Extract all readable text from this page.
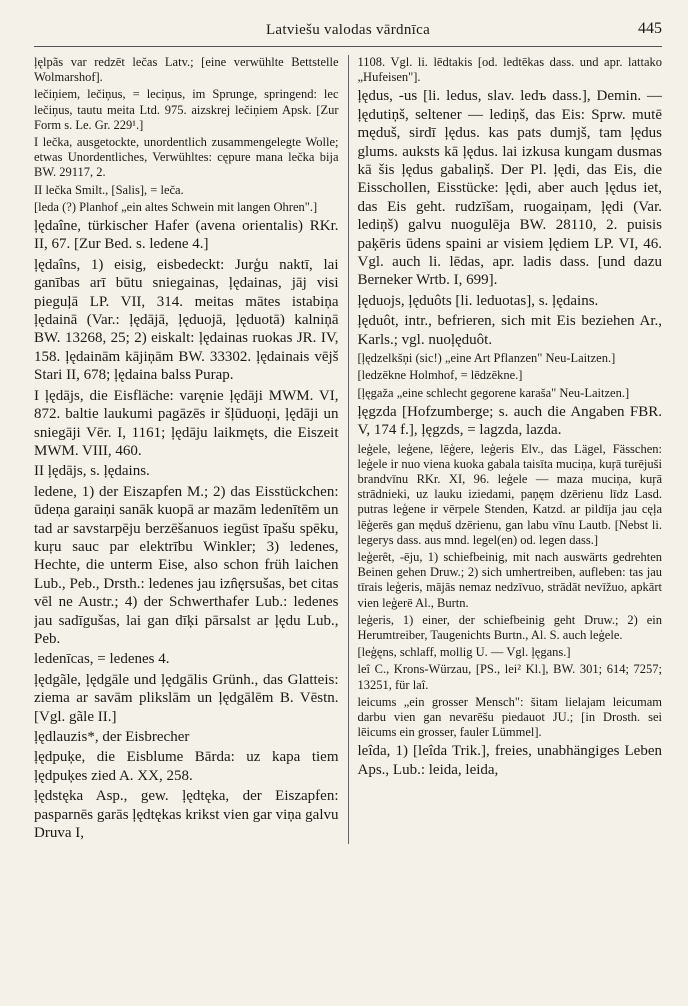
Latviešu valodas vārdnīca	445

ļęlpãs var redzēt lečas Latv.; [eine verwühlte Bettstelle Wolmarshof].

lečiņiem, lečiņus, = leciņus, im Sprunge, springend: lec lečiņus, tautu meita Ltd. 975. aizskrej lečiņiem Apsk. [Zur Form s. Le. Gr. 229¹.]

I lečka, ausgetockte, unordentlich zusammengelegte Wolle; etwas Unordentliches, Verwühltes: cępure mana lečka bija BW. 29117, 2.

II lečka Smilt., [Salis], = leča.

[leda (?) Planhof „ein altes Schwein mit langen Ohren".]

ļędaîne, türkischer Hafer (avena orientalis) RKr. II, 67. [Zur Bed. s. ledene 4.]

ļędaîns, 1) eisig, eisbedeckt: Jurģu naktī, lai ganības arī būtu sniegainas, ļędainas, jāj visi pieguļā LP. VII, 314. meitas mātes istabiņa ļędainā (Var.: ļędājā, ļęduojā, ļęduotā) kalniņā BW. 13268, 25; 2) eiskalt: ļędainas ruokas JR. IV, 158. ļędainām kājiņām BW. 33302. ļędainais vējš Stari II, 678; ļędaina balss Purap.

I ļędājs, die Eisfläche: varęnie ļędāji MWM. VI, 872. baltie laukumi pagāzēs ir šļūduoņi, ļędāji un sniegāji Vēr. I, 1161; ļędāju laikmęts, die Eiszeit MWM. VIII, 460.

II ļędājs, s. ļędains.

ledene, 1) der Eiszapfen M.; 2) das Eisstückchen: ūdeņa garaiņi sanāk kuopā ar mazām ledenītēm un tad ar savstarpēju berzēšanuos iegūst īpašu spēku, kuŗu sauc par elektrību Winkler; 3) ledenes, Hechte, die unterm Eise, also schon früh laichen Lub., Peb., Drsth.: ledenes jau izn̂ęrsušas, bet citas vēl ne Austr.; 4) der Schwerthafer Lub.: ledenes jau sadīgušas, lai gan dīķi pārsalst ar ļędu Lub., Peb.

ledenīcas, = ledenes 4.

ļędgãle, ļędgāle und ļędgālis Grünh., das Glatteis: ziema ar savām plikslām un ļędgālēm B. Vēstn. [Vgl. gãle II.]

ļędlauzis*, der Eisbrecher

ļędpuķe, die Eisblume Bārda: uz kapa tiem ļędpuķes zied A. XX, 258.

ļędstęka Asp., gew. ļędtęka, der Eiszapfen: pasparnēs garās ļędtękas krikst vien gar viņa galvu Druva I,

1108. Vgl. li. lēdtakis [od. ledtēkas dass. und apr. lattako „Hufeisen"].

ļędus, -us [li. ledus, slav. ledъ dass.], Demin. — ļędutiņš, seltener — lediņš, das Eis: Sprw. mutē męduš, sirdī ļędus. kas pats dumjš, tam ļędus glums. auksts kā ļędus. lai izkusa kungam dusmas kā šis ļędus gabaliņš. Der Pl. ļędi, das Eis, die Eisschollen, Eisstücke: ļędi, aber auch ļędus iet, das Eis geht. rudzīšam, ruogaiņam, ļędi (Var. lediņš) galvu nuogulēja BW. 28110, 2. puisis paķēris ūdens spaini ar visiem ļędiem LP. VI, 46. Vgl. auch li. lēdas, apr. ladis dass. [und dazu Berneker Wrtb. I, 699].

ļęduojs, ļęduôts [li. leduotas], s. ļędains.

ļęduôt, intr., befrieren, sich mit Eis beziehen Ar., Karls.; vgl. nuoļęduôt.

[ļędzelkšņi (sic!) „eine Art Pflanzen" Neu-Laitzen.]

[ledzēkne Holmhof, = lēdzēkne.]

[ļęgaža „eine schlecht gegorene karaša" Neu-Laitzen.]

ļęgzda [Hofzumberge; s. auch die Angaben FBR. V, 174 f.], ļęgzds, = lagzda, lazda.

leģele, leģene, lēģere, leģeris Elv., das Lägel, Fässchen: leģele ir nuo viena kuoka gabala taisīta muciņa, kuŗā turējuši brandvīnu RKr. XI, 96. leģele — maza muciņa, kuŗā strādnieki, uz lauku iziedami, paņęm dzērienu līdz Lasd. putras leģene ir vērpele Stenden, Katzd. ar pildīja jau cęļa lēģerēs gan męduš dzērienu, gan labu vīnu Lautb. [Nebst li. legerys dass. aus mnd. legel(en) od. legen dass.]

leģerêt, -ēju, 1) schiefbeinig, mit nach auswärts gedrehten Beinen gehen Druw.; 2) sich umhertreiben, aufleben: tas jau tīrais leģeris, mājās nemaz nedzīvuo, strādāt nevīžuo, apkārt vien leģerē Al., Burtn.

leģeris, 1) einer, der schiefbeinig geht Druw.; 2) ein Herumtreiber, Taugenichts Burtn., Al. S. auch leģele.

[leģęns, schlaff, mollig U. — Vgl. ļęgans.]

leî C., Krons-Würzau, [PS., lei² Kl.], BW. 301; 614; 7257; 13251, für laî.

leicums „ein grosser Mensch": šitam lielajam leicumam darbu vien gan nevarēšu piedauot JU.; [in Drosth. sei lēicums ein grosser, fauler Lümmel].

leîda, 1) [leîda Trik.], freies, unabhängiges Leben Aps., Lub.: leida, leida,
